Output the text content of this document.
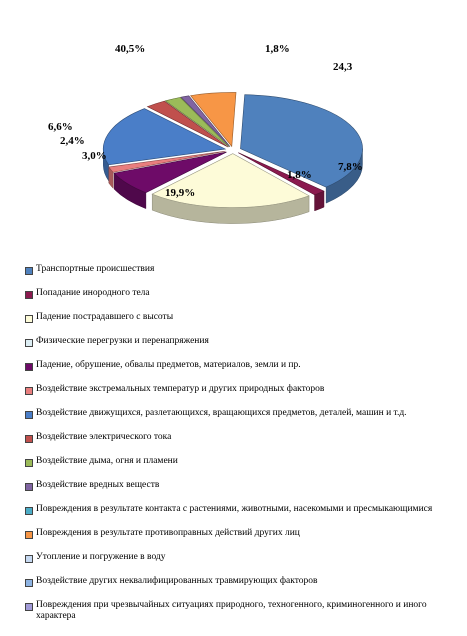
40,5%	1,8%
24,3
7,8%
1,8%
19,9%
3,0%
2,4%
6,6%
Транспортные происшествия
Попадание инородного тела
Падение пострадавшего с высоты
Физические перегрузки и перенапряжения
Падение, обрушение, обвалы предметов, материалов, земли и пр.
Воздействие экстремальных температур и других природных факторов
Воздействие движущихся, разлетающихся, вращающихся предметов, деталей, машин и т.д.
Воздействие электрического тока
Воздействие дыма, огня и пламени
Воздействие вредных веществ
Повреждения в результате контакта с растениями, животными, насекомыми и пресмыкающимися
Повреждения в результате противоправных действий других лиц
Утопление и погружение в воду
Воздействие других неквалифицированных травмирующих факторов
Повреждения при чрезвычайных ситуациях природного, техногенного, криминогенного и иного характера
